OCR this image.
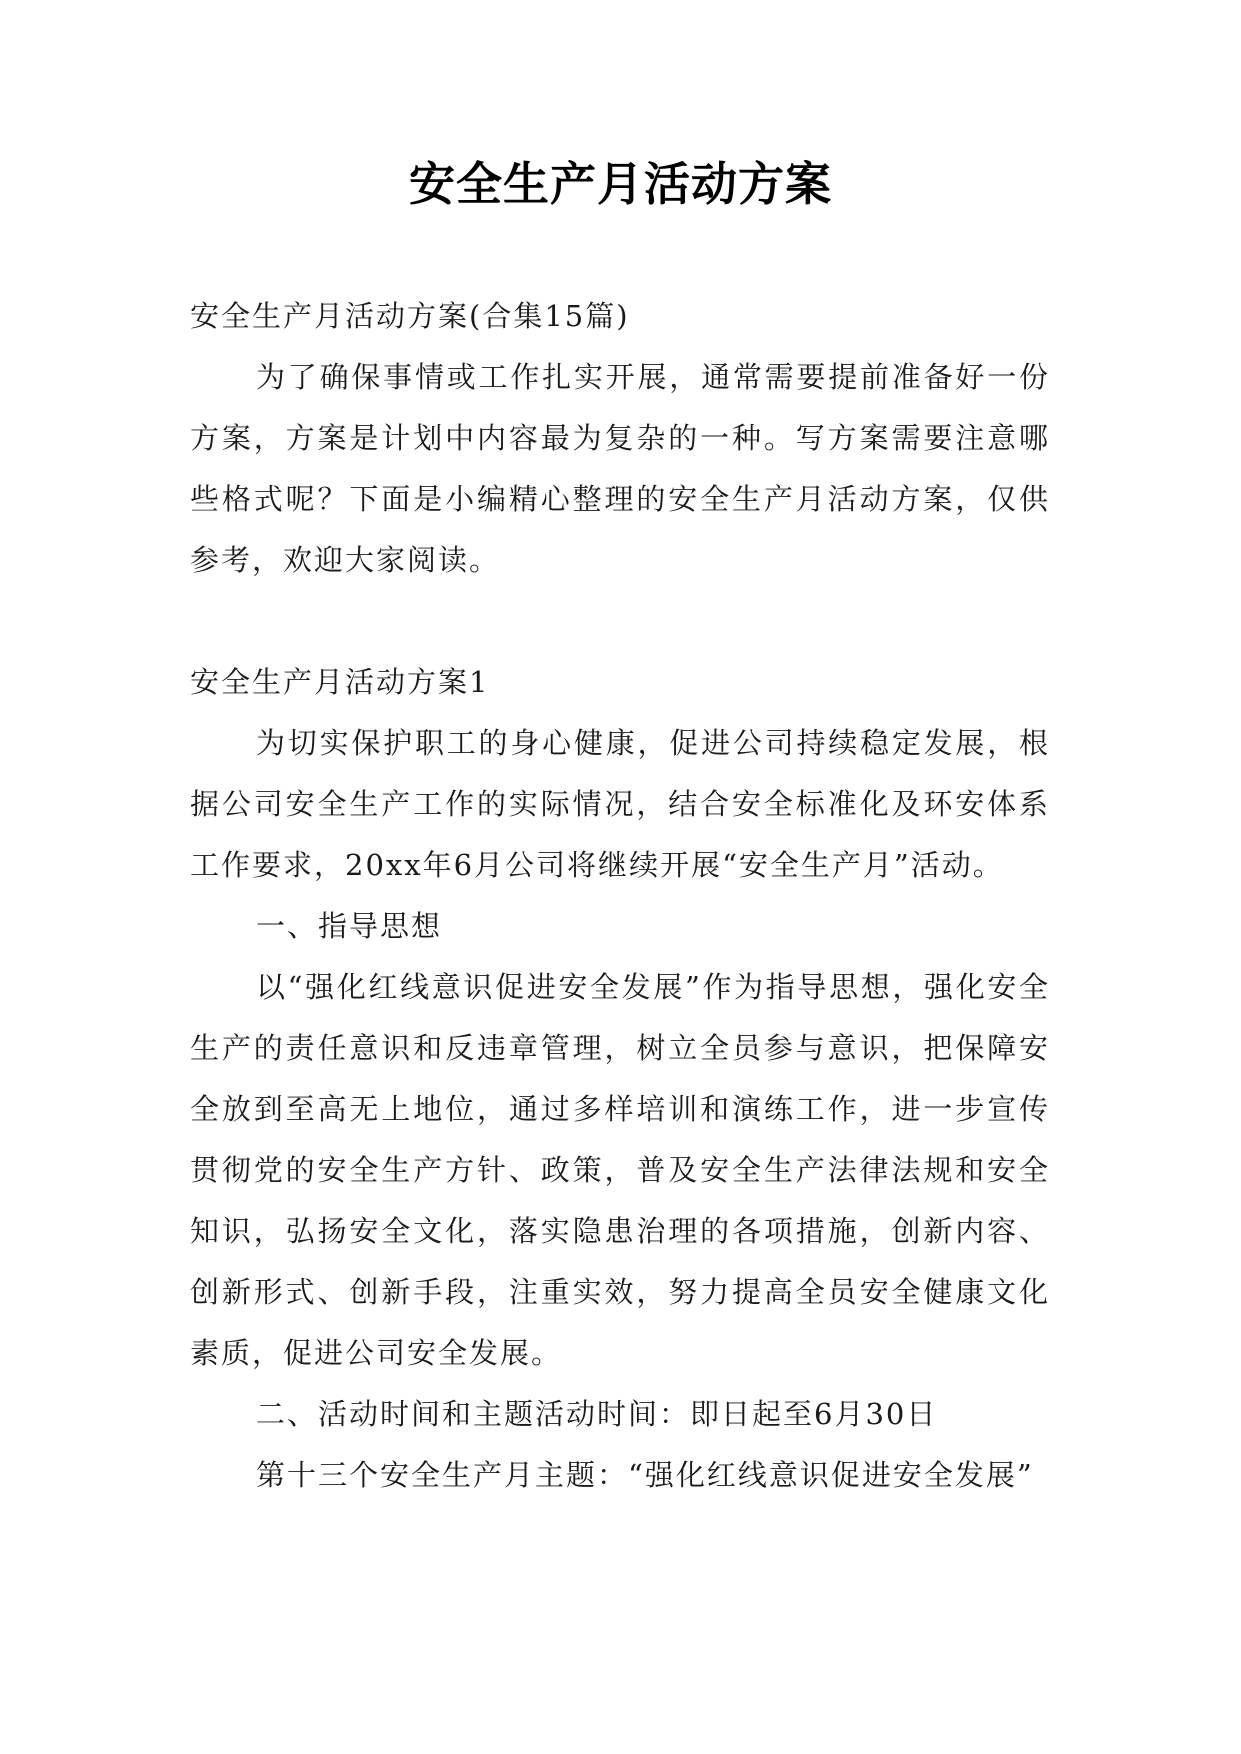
安全生产月活动方案

安全生产月活动方案(合集15篇)

为了确保事情或工作扎实开展，通常需要提前准备好一份方案，方案是计划中内容最为复杂的一种。写方案需要注意哪些格式呢？下面是小编精心整理的安全生产月活动方案，仅供参考，欢迎大家阅读。

安全生产月活动方案1

为切实保护职工的身心健康，促进公司持续稳定发展，根据公司安全生产工作的实际情况，结合安全标准化及环安体系工作要求，20xx年6月公司将继续开展“安全生产月”活动。

一、指导思想

以“强化红线意识促进安全发展”作为指导思想，强化安全生产的责任意识和反违章管理，树立全员参与意识，把保障安全放到至高无上地位，通过多样培训和演练工作，进一步宣传贯彻党的安全生产方针、政策，普及安全生产法律法规和安全知识，弘扬安全文化，落实隐患治理的各项措施，创新内容、创新形式、创新手段，注重实效，努力提高全员安全健康文化素质，促进公司安全发展。

二、活动时间和主题活动时间：即日起至6月30日

第十三个安全生产月主题：“强化红线意识促进安全发展”
